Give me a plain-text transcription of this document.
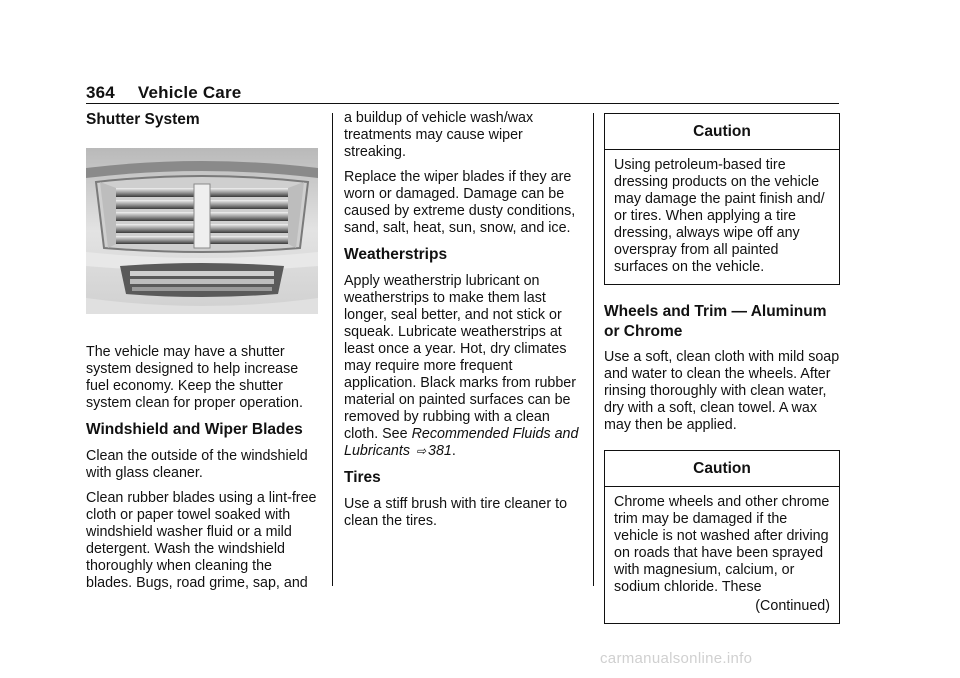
364 Vehicle Care
Shutter System

The vehicle may have a shutter system designed to help increase fuel economy. Keep the shutter system clean for proper operation.

Windshield and Wiper Blades

Clean the outside of the windshield with glass cleaner.

Clean rubber blades using a lint-free cloth or paper towel soaked with windshield washer fluid or a mild detergent. Wash the windshield thoroughly when cleaning the blades. Bugs, road grime, sap, and

a buildup of vehicle wash/wax treatments may cause wiper streaking.

Replace the wiper blades if they are worn or damaged. Damage can be caused by extreme dusty conditions, sand, salt, heat, sun, snow, and ice.

Weatherstrips

Apply weatherstrip lubricant on weatherstrips to make them last longer, seal better, and not stick or squeak. Lubricate weatherstrips at least once a year. Hot, dry climates may require more frequent application. Black marks from rubber material on painted surfaces can be removed by rubbing with a clean cloth. See Recommended Fluids and Lubricants ⇨ 381.

Tires

Use a stiff brush with tire cleaner to clean the tires.

Caution
Using petroleum-based tire dressing products on the vehicle may damage the paint finish and/ or tires. When applying a tire dressing, always wipe off any overspray from all painted surfaces on the vehicle.
Wheels and Trim — Aluminum or Chrome

Use a soft, clean cloth with mild soap and water to clean the wheels. After rinsing thoroughly with clean water, dry with a soft, clean towel. A wax may then be applied.

Caution
Chrome wheels and other chrome trim may be damaged if the vehicle is not washed after driving on roads that have been sprayed with magnesium, calcium, or sodium chloride. These
(Continued)
carmanualsonline.info
